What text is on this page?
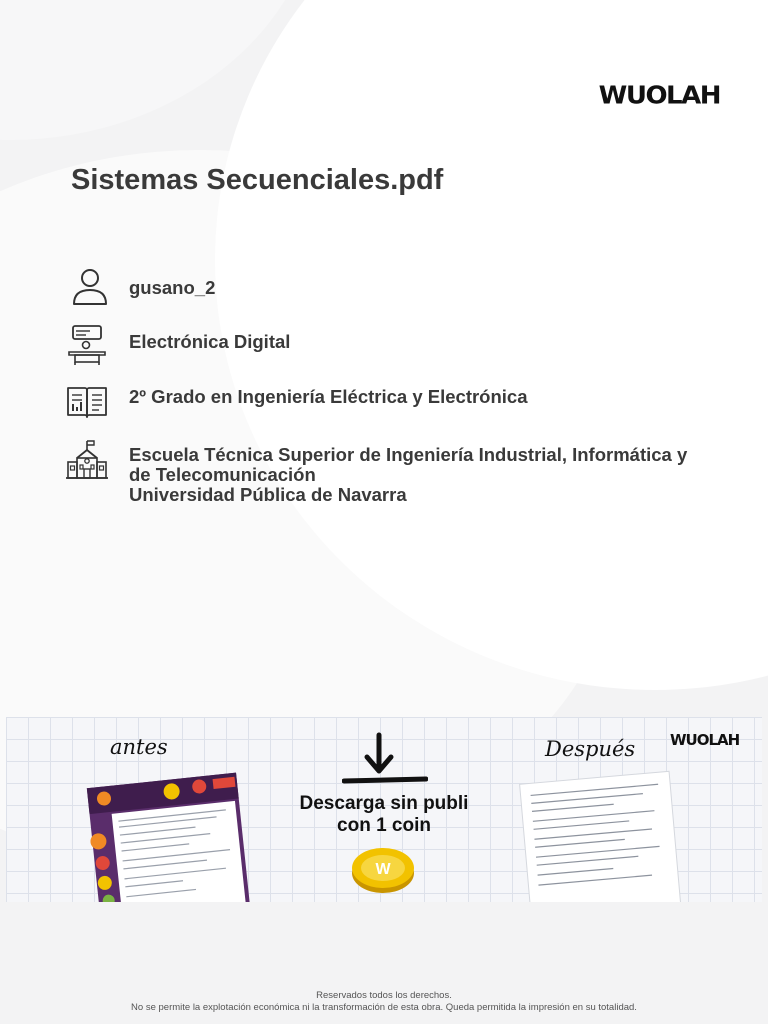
WUOLAH
Sistemas Secuenciales.pdf
gusano_2
Electrónica Digital
2º Grado en Ingeniería Eléctrica y Electrónica
Escuela Técnica Superior de Ingeniería Industrial, Informática y
de Telecomunicación
Universidad Pública de Navarra
antes
Descarga sin publi
con 1 coin
W
Después WUOLAH
Reservados todos los derechos.
No se permite la explotación económica ni la transformación de esta obra. Queda permitida la impresión en su totalidad.
